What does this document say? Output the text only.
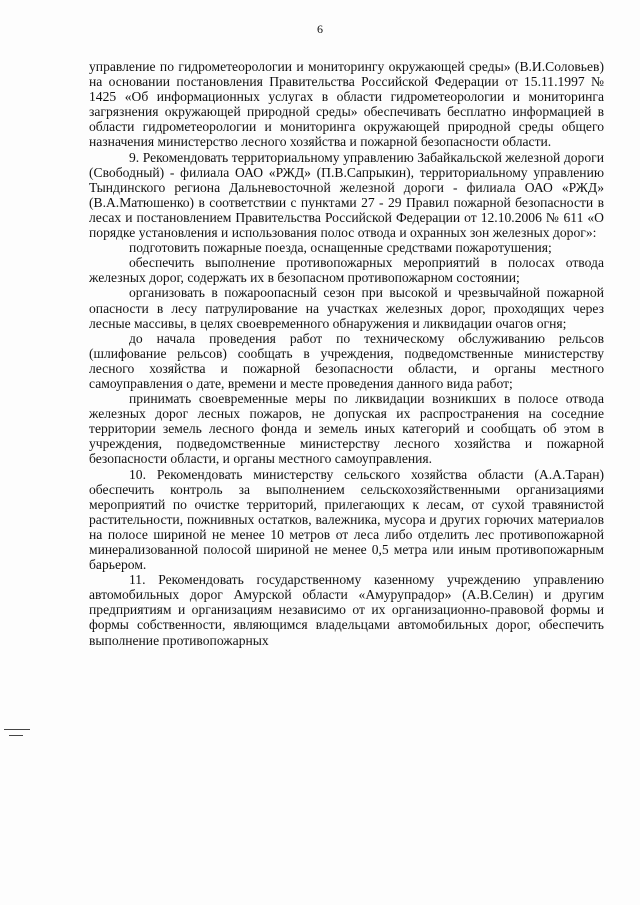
6

управление по гидрометеорологии и мониторингу окружающей среды» (В.И.Соловьев) на основании постановления Правительства Российской Федерации от 15.11.1997 № 1425 «Об информационных услугах в области гидрометеорологии и мониторинга загрязнения окружающей природной среды» обеспечивать бесплатно информацией в области гидрометеорологии и мониторинга окружающей природной среды общего назначения министерство лесного хозяйства и пожарной безопасности области.

9. Рекомендовать территориальному управлению Забайкальской железной дороги (Свободный) - филиала ОАО «РЖД» (П.В.Сапрыкин), территориальному управлению Тындинского региона Дальневосточной железной дороги - филиала ОАО «РЖД» (В.А.Матюшенко) в соответствии с пунктами 27 - 29 Правил пожарной безопасности в лесах и постановлением Правительства Российской Федерации от 12.10.2006 № 611 «О порядке установления и использования полос отвода и охранных зон железных дорог»:

подготовить пожарные поезда, оснащенные средствами пожаротушения;

обеспечить выполнение противопожарных мероприятий в полосах отвода железных дорог, содержать их в безопасном противопожарном состоянии;

организовать в пожароопасный сезон при высокой и чрезвычайной пожарной опасности в лесу патрулирование на участках железных дорог, проходящих через лесные массивы, в целях своевременного обнаружения и ликвидации очагов огня;

до начала проведения работ по техническому обслуживанию рельсов (шлифование рельсов) сообщать в учреждения, подведомственные министерству лесного хозяйства и пожарной безопасности области, и органы местного самоуправления о дате, времени и месте проведения данного вида работ;

принимать своевременные меры по ликвидации возникших в полосе отвода железных дорог лесных пожаров, не допуская их распространения на соседние территории земель лесного фонда и земель иных категорий и сообщать об этом в учреждения, подведомственные министерству лесного хозяйства и пожарной безопасности области, и органы местного самоуправления.

10. Рекомендовать министерству сельского хозяйства области (А.А.Таран) обеспечить контроль за выполнением сельскохозяйственными организациями мероприятий по очистке территорий, прилегающих к лесам, от сухой травянистой растительности, пожнивных остатков, валежника, мусора и других горючих материалов на полосе шириной не менее 10 метров от леса либо отделить лес противопожарной минерализованной полосой шириной не менее 0,5 метра или иным противопожарным барьером.

11. Рекомендовать государственному казенному учреждению управлению автомобильных дорог Амурской области «Амурупрадор» (А.В.Селин) и другим предприятиям и организациям независимо от их организационно-правовой формы и формы собственности, являющимся владельцами автомобильных дорог, обеспечить выполнение противопожарных
